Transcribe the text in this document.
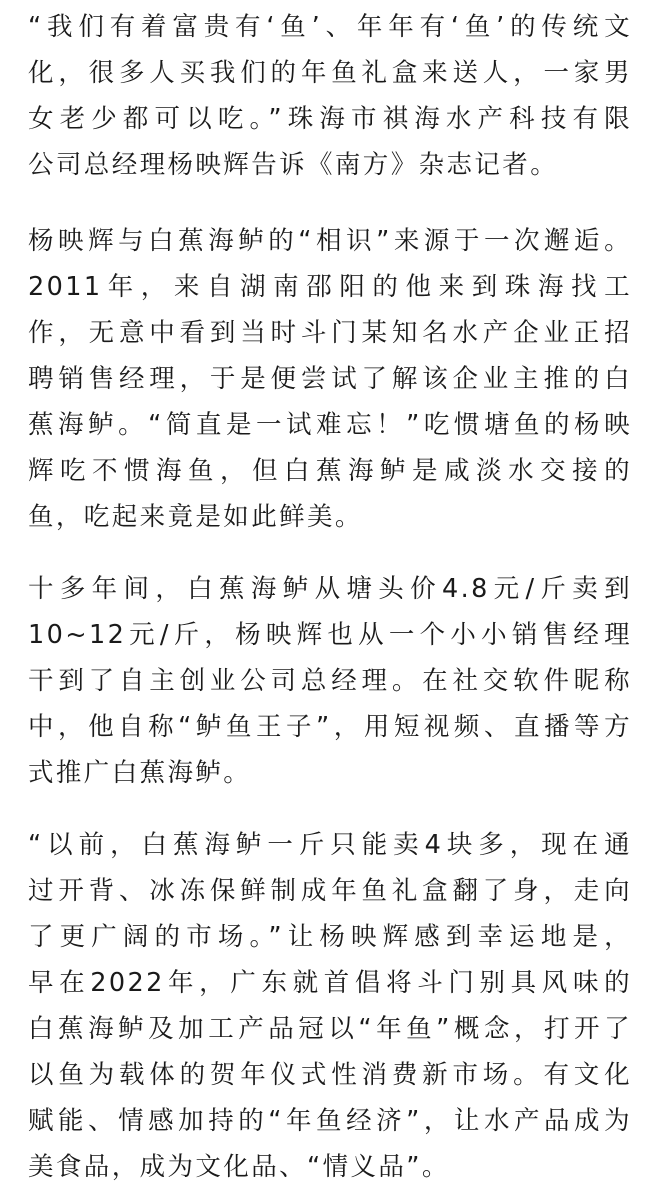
“我们有着富贵有‘鱼’、年年有‘鱼’的传统文
化，很多人买我们的年鱼礼盒来送人，一家男
女老少都可以吃。”珠海市祺海水产科技有限
公司总经理杨映辉告诉《南方》杂志记者。
杨映辉与白蕉海鲈的“相识”来源于一次邂逅。
2011年，来自湖南邵阳的他来到珠海找工
作，无意中看到当时斗门某知名水产企业正招
聘销售经理，于是便尝试了解该企业主推的白
蕉海鲈。“简直是一试难忘！”吃惯塘鱼的杨映
辉吃不惯海鱼，但白蕉海鲈是咸淡水交接的
鱼，吃起来竟是如此鲜美。
十多年间，白蕉海鲈从塘头价4.8元/斤卖到
10~12元/斤，杨映辉也从一个小小销售经理
干到了自主创业公司总经理。在社交软件昵称
中，他自称“鲈鱼王子”，用短视频、直播等方
式推广白蕉海鲈。
“以前，白蕉海鲈一斤只能卖4块多，现在通
过开背、冰冻保鲜制成年鱼礼盒翻了身，走向
了更广阔的市场。”让杨映辉感到幸运地是，
早在2022年，广东就首倡将斗门别具风味的
白蕉海鲈及加工产品冠以“年鱼”概念，打开了
以鱼为载体的贺年仪式性消费新市场。有文化
赋能、情感加持的“年鱼经济”，让水产品成为
美食品，成为文化品、“情义品”。
